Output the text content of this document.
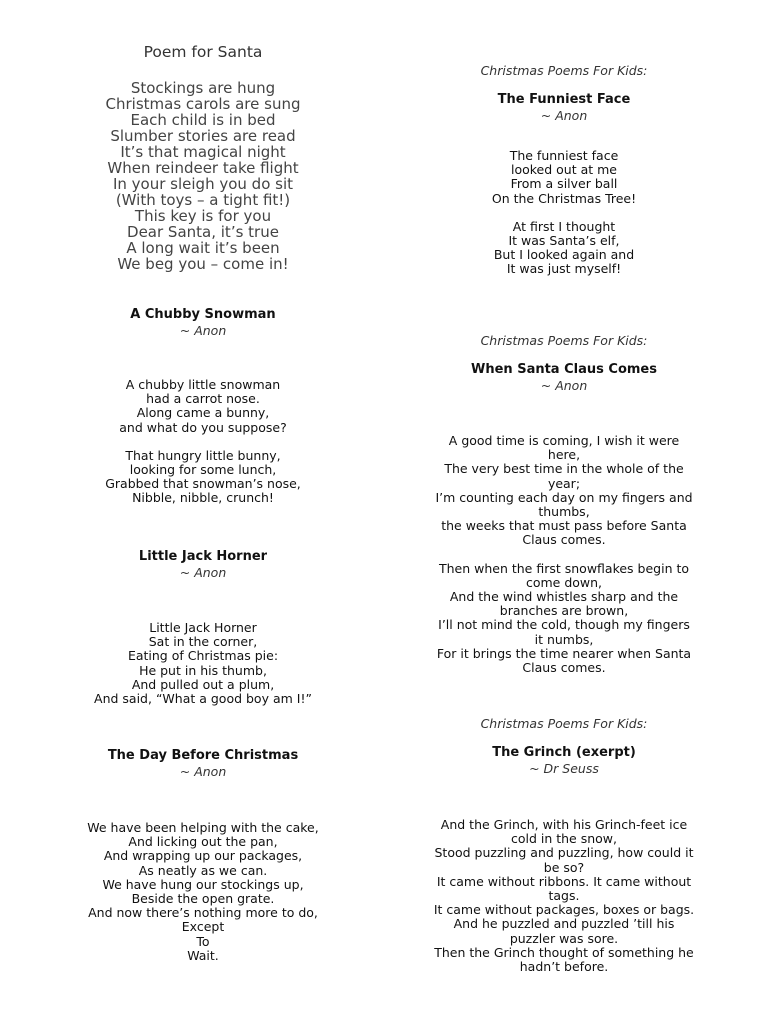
Poem for Santa
Stockings are hung
Christmas carols are sung
Each child is in bed
Slumber stories are read
It’s that magical night
When reindeer take flight
In your sleigh you do sit
(With toys – a tight fit!)
This key is for you
Dear Santa, it’s true
A long wait it’s been
We beg you – come in!
A Chubby Snowman
~ Anon
A chubby little snowman
had a carrot nose.
Along came a bunny,
and what do you suppose?
That hungry little bunny,
looking for some lunch,
Grabbed that snowman’s nose,
Nibble, nibble, crunch!
Little Jack Horner
~ Anon
Little Jack Horner
Sat in the corner,
Eating of Christmas pie:
He put in his thumb,
And pulled out a plum,
And said, “What a good boy am I!”
The Day Before Christmas
~ Anon
We have been helping with the cake,
And licking out the pan,
And wrapping up our packages,
As neatly as we can.
We have hung our stockings up,
Beside the open grate.
And now there’s nothing more to do,
Except
To
Wait.
Christmas Poems For Kids:
The Funniest Face
~ Anon
The funniest face
looked out at me
From a silver ball
On the Christmas Tree!
At first I thought
It was Santa’s elf,
But I looked again and
It was just myself!
Christmas Poems For Kids:
When Santa Claus Comes
~ Anon
A good time is coming, I wish it were
here,
The very best time in the whole of the
year;
I’m counting each day on my fingers and
thumbs,
the weeks that must pass before Santa
Claus comes.
Then when the first snowflakes begin to
come down,
And the wind whistles sharp and the
branches are brown,
I’ll not mind the cold, though my fingers
it numbs,
For it brings the time nearer when Santa
Claus comes.
Christmas Poems For Kids:
The Grinch (exerpt)
~ Dr Seuss
And the Grinch, with his Grinch-feet ice
cold in the snow,
Stood puzzling and puzzling, how could it
be so?
It came without ribbons. It came without
tags.
It came without packages, boxes or bags.
And he puzzled and puzzled ’till his
puzzler was sore.
Then the Grinch thought of something he
hadn’t before.
